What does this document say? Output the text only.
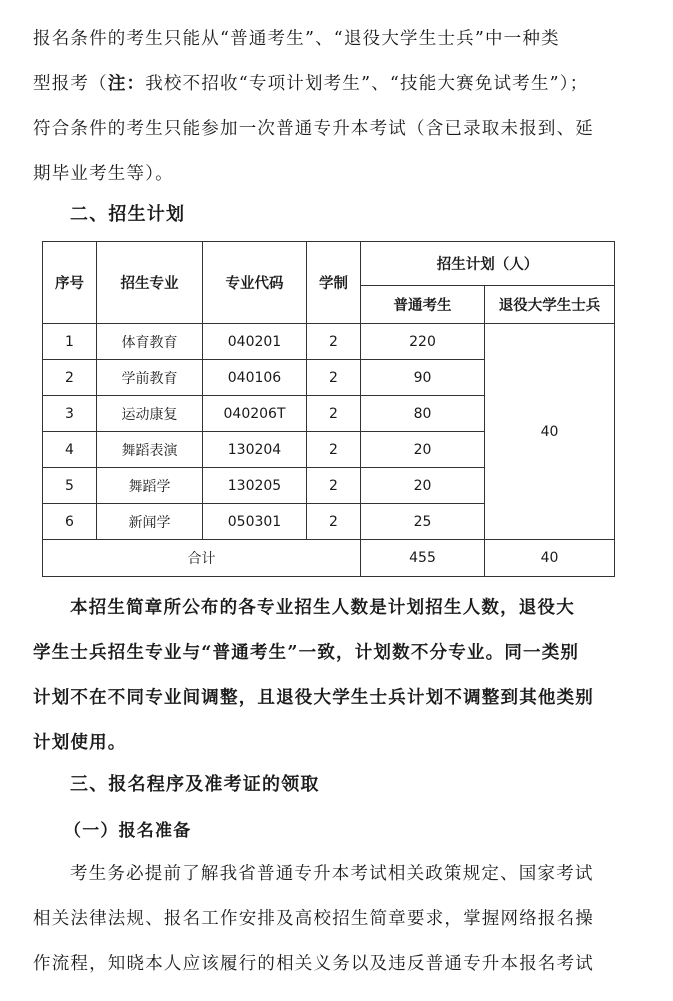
报名条件的考生只能从“普通考生”、“退役大学生士兵”中一种类
型报考（注：我校不招收“专项计划考生”、“技能大赛免试考生”）；
符合条件的考生只能参加一次普通专升本考试（含已录取未报到、延
期毕业考生等）。
二、招生计划
序号	招生专业	专业代码	学制	招生计划（人）	
				普通考生	退役大学生士兵
1	体育教育	040201	2	220	40
2	学前教育	040106	2	90	
3	运动康复	040206T	2	80	
4	舞蹈表演	130204	2	20	
5	舞蹈学	130205	2	20	
6	新闻学	050301	2	25	
合计				455	40
本招生简章所公布的各专业招生人数是计划招生人数，退役大
学生士兵招生专业与“普通考生”一致，计划数不分专业。同一类别
计划不在不同专业间调整，且退役大学生士兵计划不调整到其他类别
计划使用。
三、报名程序及准考证的领取
（一）报名准备
考生务必提前了解我省普通专升本考试相关政策规定、国家考试
相关法律法规、报名工作安排及高校招生简章要求，掌握网络报名操
作流程，知晓本人应该履行的相关义务以及违反普通专升本报名考试
